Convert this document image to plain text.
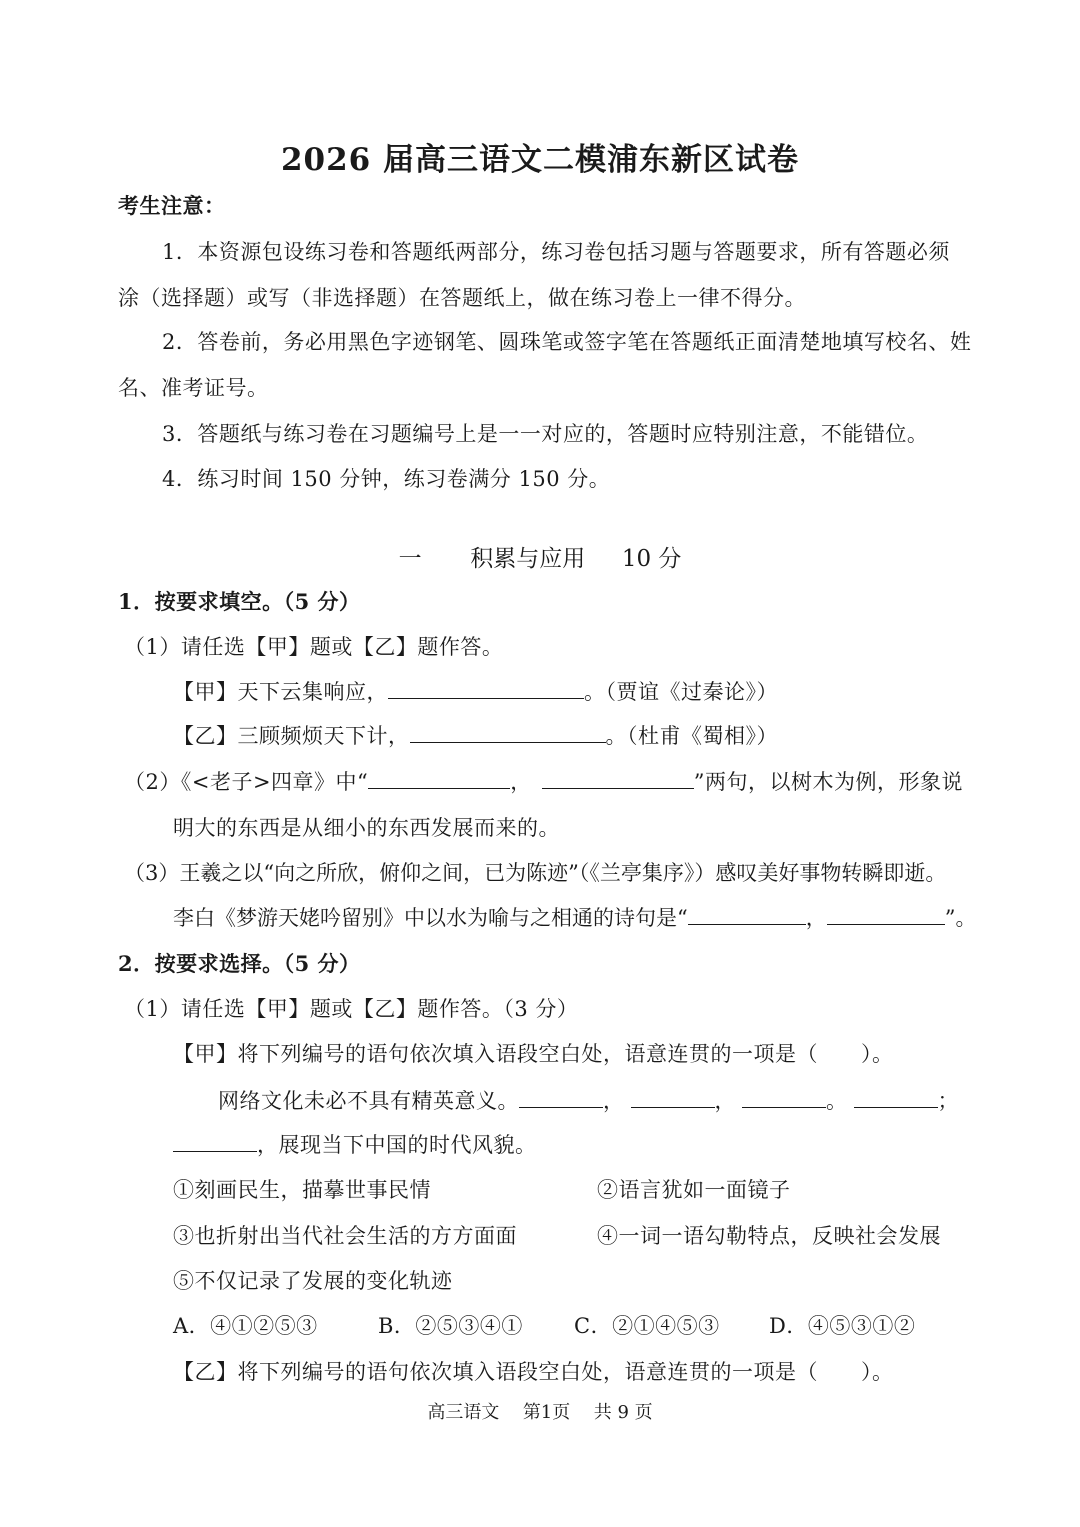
2026 届高三语文二模浦东新区试卷
考生注意：
1．本资源包设练习卷和答题纸两部分，练习卷包括习题与答题要求，所有答题必须
涂（选择题）或写（非选择题）在答题纸上，做在练习卷上一律不得分。
2．答卷前，务必用黑色字迹钢笔、圆珠笔或签字笔在答题纸正面清楚地填写校名、姓
名、准考证号。
3．答题纸与练习卷在习题编号上是一一对应的，答题时应特别注意，不能错位。
4．练习时间 150 分钟，练习卷满分 150 分。
一 积累与应用 10 分
1．按要求填空。（5 分）
（1）请任选【甲】题或【乙】题作答。
【甲】天下云集响应，	。（贾谊《过秦论》）
【乙】三顾频烦天下计，	。（杜甫《蜀相》）
（2）《<老子>四章》中“	，	”两句，以树木为例，形象说
明大的东西是从细小的东西发展而来的。
（3）王羲之以“向之所欣，俯仰之间，已为陈迹”（《兰亭集序》）感叹美好事物转瞬即逝。
李白《梦游天姥吟留别》中以水为喻与之相通的诗句是“	，	”。
2．按要求选择。（5 分）
（1）请任选【甲】题或【乙】题作答。（3 分）
【甲】将下列编号的语句依次填入语段空白处，语意连贯的一项是（　　）。
网络文化未必不具有精英意义。	，	，	。	；
，展现当下中国的时代风貌。
①刻画民生，描摹世事民情	②语言犹如一面镜子
③也折射出当代社会生活的方方面面	④一词一语勾勒特点，反映社会发展
⑤不仅记录了发展的变化轨迹
A．④①②⑤③	B．②⑤③④① C．②①④⑤③ D．④⑤③①②
【乙】将下列编号的语句依次填入语段空白处，语意连贯的一项是（　　）。
高三语文 第1页 共 9 页
